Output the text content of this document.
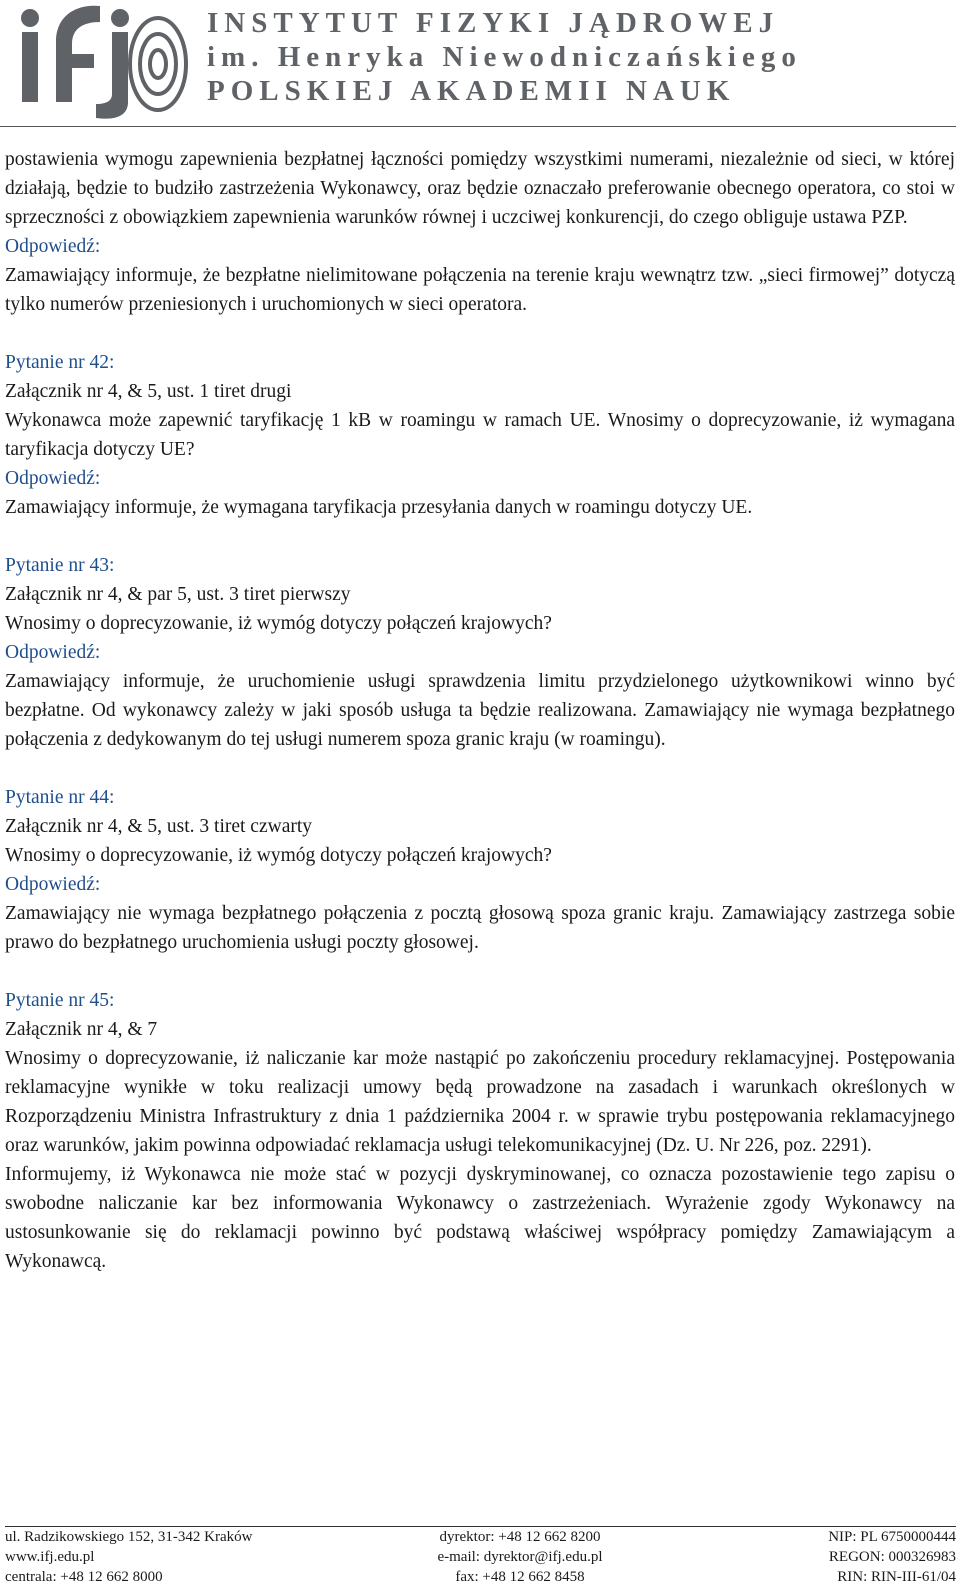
INSTYTUT FIZYKI JĄDROWEJ
im. Henryka Niewodniczańskiego
POLSKIEJ AKADEMII NAUK

postawienia wymogu zapewnienia bezpłatnej łączności pomiędzy wszystkimi numerami, niezależnie od sieci, w której działają, będzie to budziło zastrzeżenia Wykonawcy, oraz będzie oznaczało preferowanie obecnego operatora, co stoi w sprzeczności z obowiązkiem zapewnienia warunków równej i uczciwej konkurencji, do czego obliguje ustawa PZP.

Odpowiedź:

Zamawiający informuje, że bezpłatne nielimitowane połączenia na terenie kraju wewnątrz tzw. „sieci firmowej” dotyczą tylko numerów przeniesionych i uruchomionych w sieci operatora.

Pytanie nr 42:

Załącznik nr 4, & 5, ust. 1 tiret drugi

Wykonawca może zapewnić taryfikację 1 kB w roamingu w ramach UE. Wnosimy o doprecyzowanie, iż wymagana taryfikacja dotyczy UE?

Odpowiedź:

Zamawiający informuje, że wymagana taryfikacja przesyłania danych w roamingu dotyczy UE.

Pytanie nr 43:

Załącznik nr 4, & par 5, ust. 3 tiret pierwszy

Wnosimy o doprecyzowanie, iż wymóg dotyczy połączeń krajowych?

Odpowiedź:

Zamawiający informuje, że uruchomienie usługi sprawdzenia limitu przydzielonego użytkownikowi winno być bezpłatne. Od wykonawcy zależy w jaki sposób usługa ta będzie realizowana. Zamawiający nie wymaga bezpłatnego połączenia z dedykowanym do tej usługi numerem spoza granic kraju (w roamingu).

Pytanie nr 44:

Załącznik nr 4, & 5, ust. 3 tiret czwarty

Wnosimy o doprecyzowanie, iż wymóg dotyczy połączeń krajowych?

Odpowiedź:

Zamawiający nie wymaga bezpłatnego połączenia z pocztą głosową spoza granic kraju. Zamawiający zastrzega sobie prawo do bezpłatnego uruchomienia usługi poczty głosowej.

Pytanie nr 45:

Załącznik nr 4, & 7

Wnosimy o doprecyzowanie, iż naliczanie kar może nastąpić po zakończeniu procedury reklamacyjnej. Postępowania reklamacyjne wynikłe w toku realizacji umowy będą prowadzone na zasadach i warunkach określonych w Rozporządzeniu Ministra Infrastruktury z dnia 1 października 2004 r. w sprawie trybu postępowania reklamacyjnego oraz warunków, jakim powinna odpowiadać reklamacja usługi telekomunikacyjnej (Dz. U. Nr 226, poz. 2291).

Informujemy, iż Wykonawca nie może stać w pozycji dyskryminowanej, co oznacza pozostawienie tego zapisu o swobodne naliczanie kar bez informowania Wykonawcy o zastrzeżeniach. Wyrażenie zgody Wykonawcy na ustosunkowanie się do reklamacji powinno być podstawą właściwej współpracy pomiędzy Zamawiającym a Wykonawcą.

ul. Radzikowskiego 152, 31-342 Kraków
www.ifj.edu.pl
centrala: +48 12 662 8000
dyrektor: +48 12 662 8200
e-mail: dyrektor@ifj.edu.pl
fax: +48 12 662 8458
NIP: PL 6750000444
REGON: 000326983
RIN: RIN-III-61/04
